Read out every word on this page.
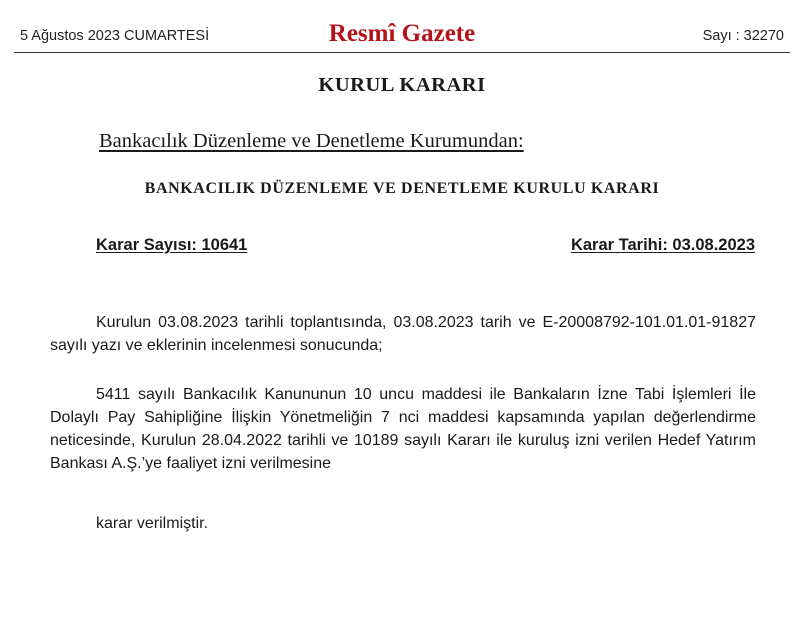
5 Ağustos 2023 CUMARTESİ	Resmî Gazete	Sayı : 32270
KURUL KARARI
Bankacılık Düzenleme ve Denetleme Kurumundan:
BANKACILIK DÜZENLEME VE DENETLEME KURULU KARARI
Karar Sayısı: 10641	Karar Tarihi: 03.08.2023
Kurulun 03.08.2023 tarihli toplantısında, 03.08.2023 tarih ve E-20008792-101.01.01-91827 sayılı yazı ve eklerinin incelenmesi sonucunda;
5411 sayılı Bankacılık Kanununun 10 uncu maddesi ile Bankaların İzne Tabi İşlemleri İle Dolaylı Pay Sahipliğine İlişkin Yönetmeliğin 7 nci maddesi kapsamında yapılan değerlendirme neticesinde, Kurulun 28.04.2022 tarihli ve 10189 sayılı Kararı ile kuruluş izni verilen Hedef Yatırım Bankası A.Ş.’ye faaliyet izni verilmesine
karar verilmiştir.
